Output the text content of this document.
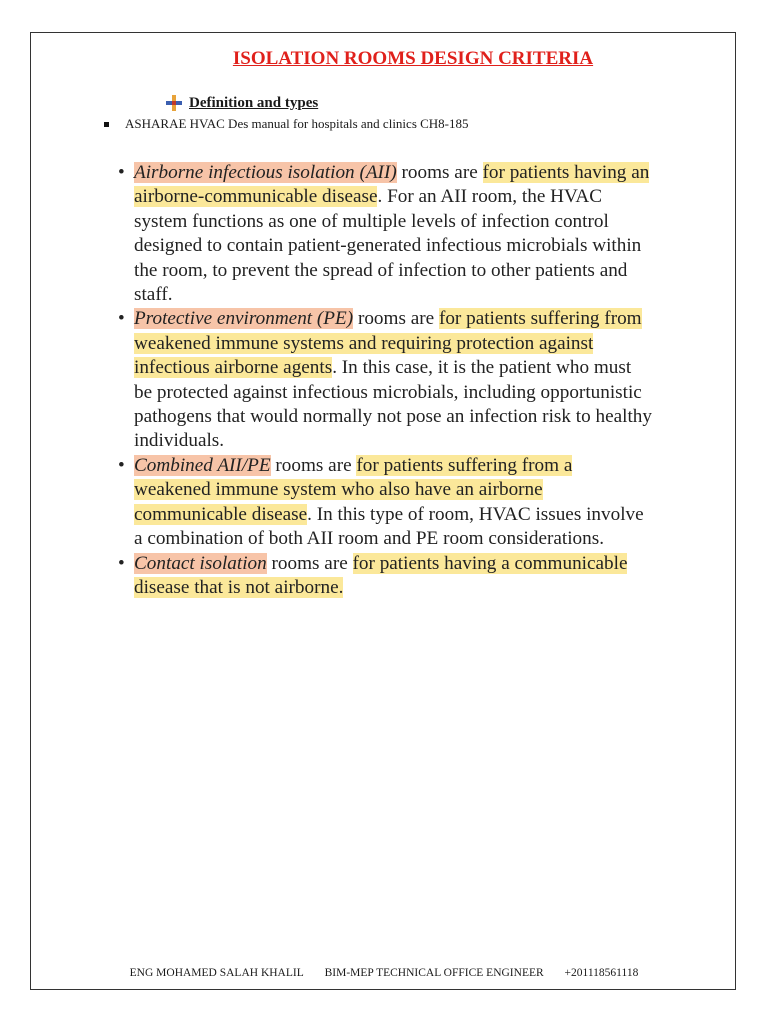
ISOLATION ROOMS DESIGN CRITERIA
Definition and types
ASHARAE HVAC Des manual for hospitals and clinics CH8-185
• Airborne infectious isolation (AII) rooms are for patients having an airborne-communicable disease. For an AII room, the HVAC system functions as one of multiple levels of infection control designed to contain patient-generated infectious microbials within the room, to prevent the spread of infection to other patients and staff.
• Protective environment (PE) rooms are for patients suffering from weakened immune systems and requiring protection against infectious airborne agents. In this case, it is the patient who must be protected against infectious microbials, including opportunistic pathogens that would normally not pose an infection risk to healthy individuals.
• Combined AII/PE rooms are for patients suffering from a weakened immune system who also have an airborne communicable disease. In this type of room, HVAC issues involve a combination of both AII room and PE room considerations.
• Contact isolation rooms are for patients having a communicable disease that is not airborne.
ENG MOHAMED SALAH KHALIL BIM-MEP TECHNICAL OFFICE ENGINEER +201118561118
